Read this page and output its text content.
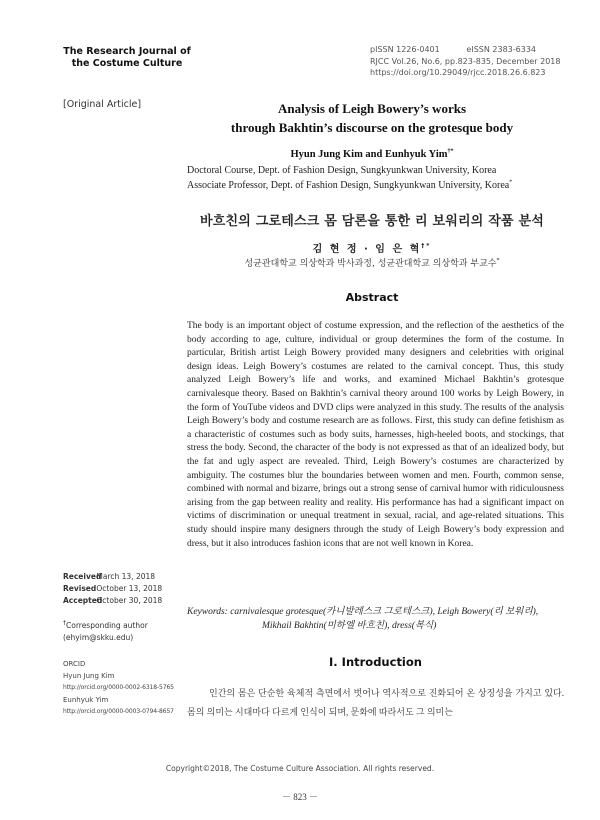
The Research Journal of
the Costume Culture
pISSN 1226-0401	eISSN 2383-6334
RJCC Vol.26, No.6, pp.823-835, December 2018
https://doi.org/10.29049/rjcc.2018.26.6.823
[Original Article]	Analysis of Leigh Bowery’s works
through Bakhtin’s discourse on the grotesque body
Hyun Jung Kim and Eunhyuk Yim†*
Doctoral Course, Dept. of Fashion Design, Sungkyunkwan University, Korea
Associate Professor, Dept. of Fashion Design, Sungkyunkwan University, Korea*
바흐친의 그로테스크 몸 담론을 통한 리 보워리의 작품 분석
김 현 정 · 임 은 혁†*
성균관대학교 의상학과 박사과정, 성균관대학교 의상학과 부교수*
Abstract
The body is an important object of costume expression, and the reflection of the aesthetics of the body according to age, culture, individual or group determines the form of the costume. In particular, British artist Leigh Bowery provided many designers and celebrities with original design ideas. Leigh Bowery’s costumes are related to the carnival concept. Thus, this study analyzed Leigh Bowery’s life and works, and examined Michael Bakhtin’s grotesque carnivalesque theory. Based on Bakhtin’s carnival theory around 100 works by Leigh Bowery, in the form of YouTube videos and DVD clips were analyzed in this study. The results of the analysis Leigh Bowery’s body and costume research are as follows. First, this study can define fetishism as a characteristic of costumes such as body suits, harnesses, high-heeled boots, and stockings, that stress the body. Second, the character of the body is not expressed as that of an idealized body, but the fat and ugly aspect are revealed. Third, Leigh Bowery’s costumes are characterized by ambiguity. The costumes blur the boundaries between women and men. Fourth, common sense, combined with normal and bizarre, brings out a strong sense of carnival humor with ridiculousness arising from the gap between reality and reality. His performance has had a significant impact on victims of discrimination or unequal treatment in sexual, racial, and age-related situations. This study should inspire many designers through the study of Leigh Bowery’s body expression and dress, but it also introduces fashion icons that are not well known in Korea.
Keywords: carnivalesque grotesque(카니발레스크 그로테스크), Leigh Bowery(리 보워리),
Mikhail Bakhtin(미하엘 바흐친), dress(복식)
Received March 13, 2018
Revised October 13, 2018
Accepted October 30, 2018
†Corresponding author
(ehyim@skku.edu)
ORCID
Hyun Jung Kim
http://orcid.org/0000-0002-6318-5765
Eunhyuk Yim
http://orcid.org/0000-0003-0794-8657
I. Introduction
인간의 몸은 단순한 육체적 측면에서 벗어나 역사적으로 진화되어 온 상징성을 가지고 있다. 몸의 의미는 시대마다 다르게 인식이 되며, 문화에 따라서도 그 의미는
Copyright©2018, The Costume Culture Association. All rights reserved.
－ 823 －
